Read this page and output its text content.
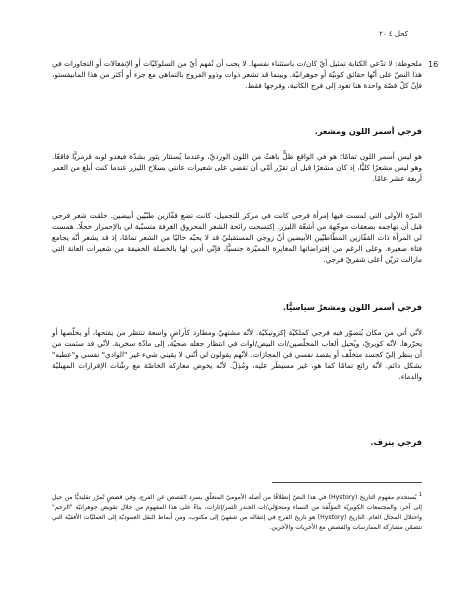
كحل ٤ ٢٠
16

ملحوظة: لا تدّعي الكتابة تمثيل أيّ كان/ت باستثناء نفسها. لا يجب أن تُفهم أيّ من السلوكيّات أو الإنفعالات أو التجاوزات في هذا النصّ على أنّها حقائق كونيّة أو جوهرانيّة. وبينما قد تشعر ذوات وذوو الفروج بالتماهي مع جزء أو أكثر من هذا المانيفستو، فإنّ كلّ قصّة واحدة هنا تعود إلى فرج الكاتبة، وفرجها فقط.

فرجي أسمر اللون ومشعر.

هو ليس أسمر اللون تمامًا؛ هو في الواقع ظلٌّ باهتٌ من اللون الورديّ، وعندما يُستثار يثور بشدّة فيغدو لونه قرمزيًّا فاقعًا. وهو ليس مشعرًا كليًّا، إذ كان مشعرًا قبل أن تقرّر أمّي أن تقضي على شعيرات عانتي بسلاح الليزر عندما كنت أبلغ من العمر أربعة عشر عامًا.

المرّة الأولى التي لمست فيها إمرأة فرجي كانت في مركز للتجميل، كانت تضع قفّازين طبّيّين أبيضين. حلقت شعر فرجي قبل أن تهاجمه بصعقات موجّهة من أشعّة الليزر. إكتسحت رائحة الشعر المحروق الغرفة متسبّبة لي بالإحمرار خجلًا. همست لي المرأة ذات القفّازين المطّاطيّين الأبيضين أنّ زوجي المستقبليّ قد لا يحبّه خاليًا من الشعر تمامًا، إذ قد يشعر أنّه يجامع فتاة صغيرة. وعلى الرغم من إفتراضاتها المغايرة المميّزة جنسيًّا، فإنّي أدين لها بالخصلة الخفيفة من شعيرات العانة التي مازالت تزيّن أعلى شفريّ فرجي.

فرجي أسمر اللون ومشعرٌ سياسيًّا.

لأنّي أتي من مكان يُتصوّر فيه فرجي كملكيّة إكزوتيكيّة. لأنّه مشتهيّ ومطارد كأراضٍ واسعة تنتظر من يفتحها، أو يخلّصها أو يحرّرها. لأنّه كويريّ، ويُحيل ألعاب المخلّصين/ات البيض/اوات في انتظار جعله ضحيّة، إلى مادّة سخرية. لأنّي قد سئمت من أن ينظر إليّ كجسد متخلّف أو يقصد نفسي في المجازات. لأنّهم يقولون لي أنّني لا يقيني شيء غير "الوادي" نفسي و"عطبه" بشكل دائم. لأنّه رائع تمامًا كما هو، غير مسيطَر عليه، ومُذِلّ. لأنّه يخوض معاركه الخاصّة مع رشّات الإفرازات المهبليّة والدماء.

فرجي ينزف.

$^1$ يُستخدم مفهوم التاريخ (Hystory) في هذا النصّ إنطلاقًا من أصله الأموميّ المتعلّق بسرد القصص عن الفرج، وفي قصصٍ تُمرّر تقليديًّا من جيل إلى آخر، والمجتمعات الكويريّة المؤلّفة من النساء ومتحوّلي/ات الجندر الثمر/إثارات، بناءً على هذا المفهوم من خلال تقويض جوهرانيّة "الرحم" واحتلال المجال العام. التاريخ (Hystory) هو تاريخ الفرج في إنتقاله من شفهيّ إلى مكتوب، ومن أنماط النقل العموديّة إلى العمليّات الأفقيّة التي تتضمّن مشاركة الممارسات والقصص مع الأخريات والآخرين.
